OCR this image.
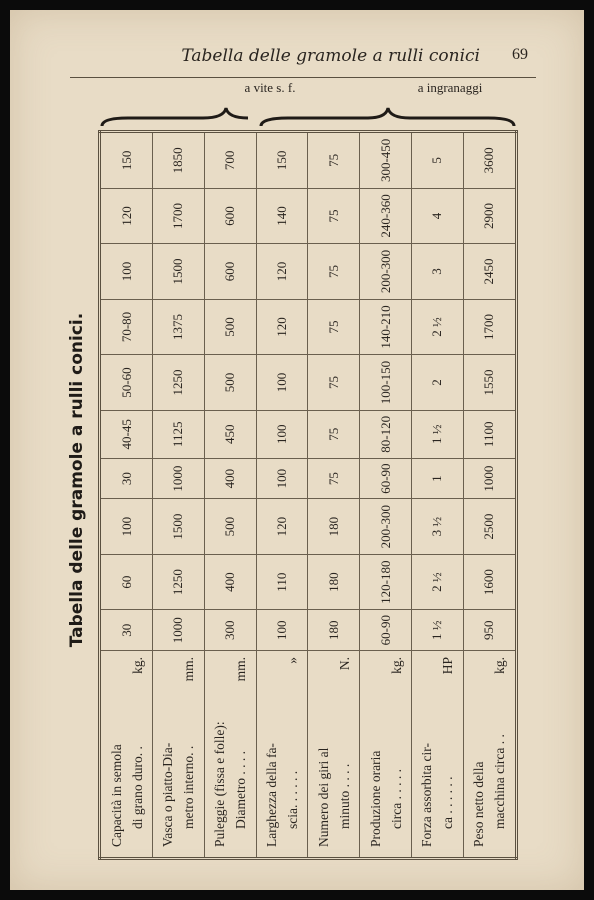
Tabella delle gramole a rulli conici	69
Tabella delle gramole a rulli conici.
Capacità in semola di grano duro. .
kg.	30	60	100	30	40-45	50-60	70-80	100	120	150

Vasca o piatto-Dia- metro interno. .
mm.	1000	1250	1500	1000	1125	1250	1375	1500	1700	1850

Puleggie (fissa e folle): Diametro . . . .
mm.	300	400	500	400	450	500	500	600	600	700

Larghezza della fa- scia. . . . . .
»	100	110	120	100	100	100	120	120	140	150

Numero dei giri al minuto . . . .
N.	180	180	180	75	75	75	75	75	75	75

Produzione oraria circa . . . . .
kg.	60-90	120-180	200-300	60-90	80-120	100-150	140-210	200-300	240-360	300-450

Forza assorbita cir- ca . . . . . .
HP	1 ½	2 ½	3 ½	1	1 ½	2	2 ½	3	4	5

Peso netto della macchina circa . .
kg.	950	1600	2500	1000	1100	1550	1700	2450	2900	3600
a vite s. f.	a ingranaggi
